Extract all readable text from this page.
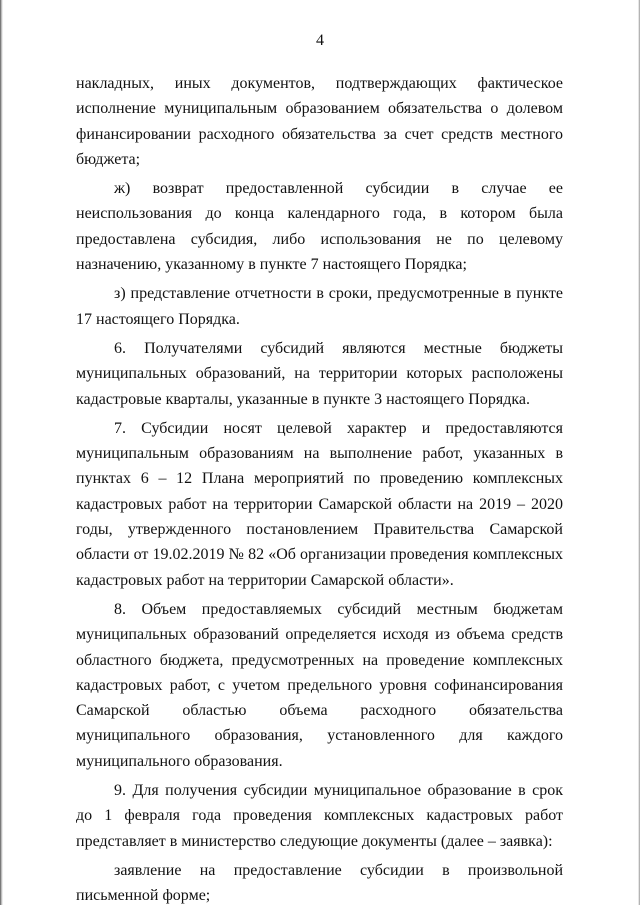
4

накладных, иных документов, подтверждающих фактическое исполнение муниципальным образованием обязательства о долевом финансировании расходного обязательства за счет средств местного бюджета;

ж) возврат предоставленной субсидии в случае ее неиспользования до конца календарного года, в котором была предоставлена субсидия, либо использования не по целевому назначению, указанному в пункте 7 настоящего Порядка;

з) представление отчетности в сроки, предусмотренные в пункте 17 настоящего Порядка.

6. Получателями субсидий являются местные бюджеты муниципальных образований, на территории которых расположены кадастровые кварталы, указанные в пункте 3 настоящего Порядка.

7. Субсидии носят целевой характер и предоставляются муниципальным образованиям на выполнение работ, указанных в пунктах 6 – 12 Плана мероприятий по проведению комплексных кадастровых работ на территории Самарской области на 2019 – 2020 годы, утвержденного постановлением Правительства Самарской области от 19.02.2019 № 82 «Об организации проведения комплексных кадастровых работ на территории Самарской области».

8. Объем предоставляемых субсидий местным бюджетам муниципальных образований определяется исходя из объема средств областного бюджета, предусмотренных на проведение комплексных кадастровых работ, с учетом предельного уровня софинансирования Самарской областью объема расходного обязательства муниципального образования, установленного для каждого муниципального образования.

9. Для получения субсидии муниципальное образование в срок до 1 февраля года проведения комплексных кадастровых работ представляет в министерство следующие документы (далее – заявка):

заявление на предоставление субсидии в произвольной письменной форме;
